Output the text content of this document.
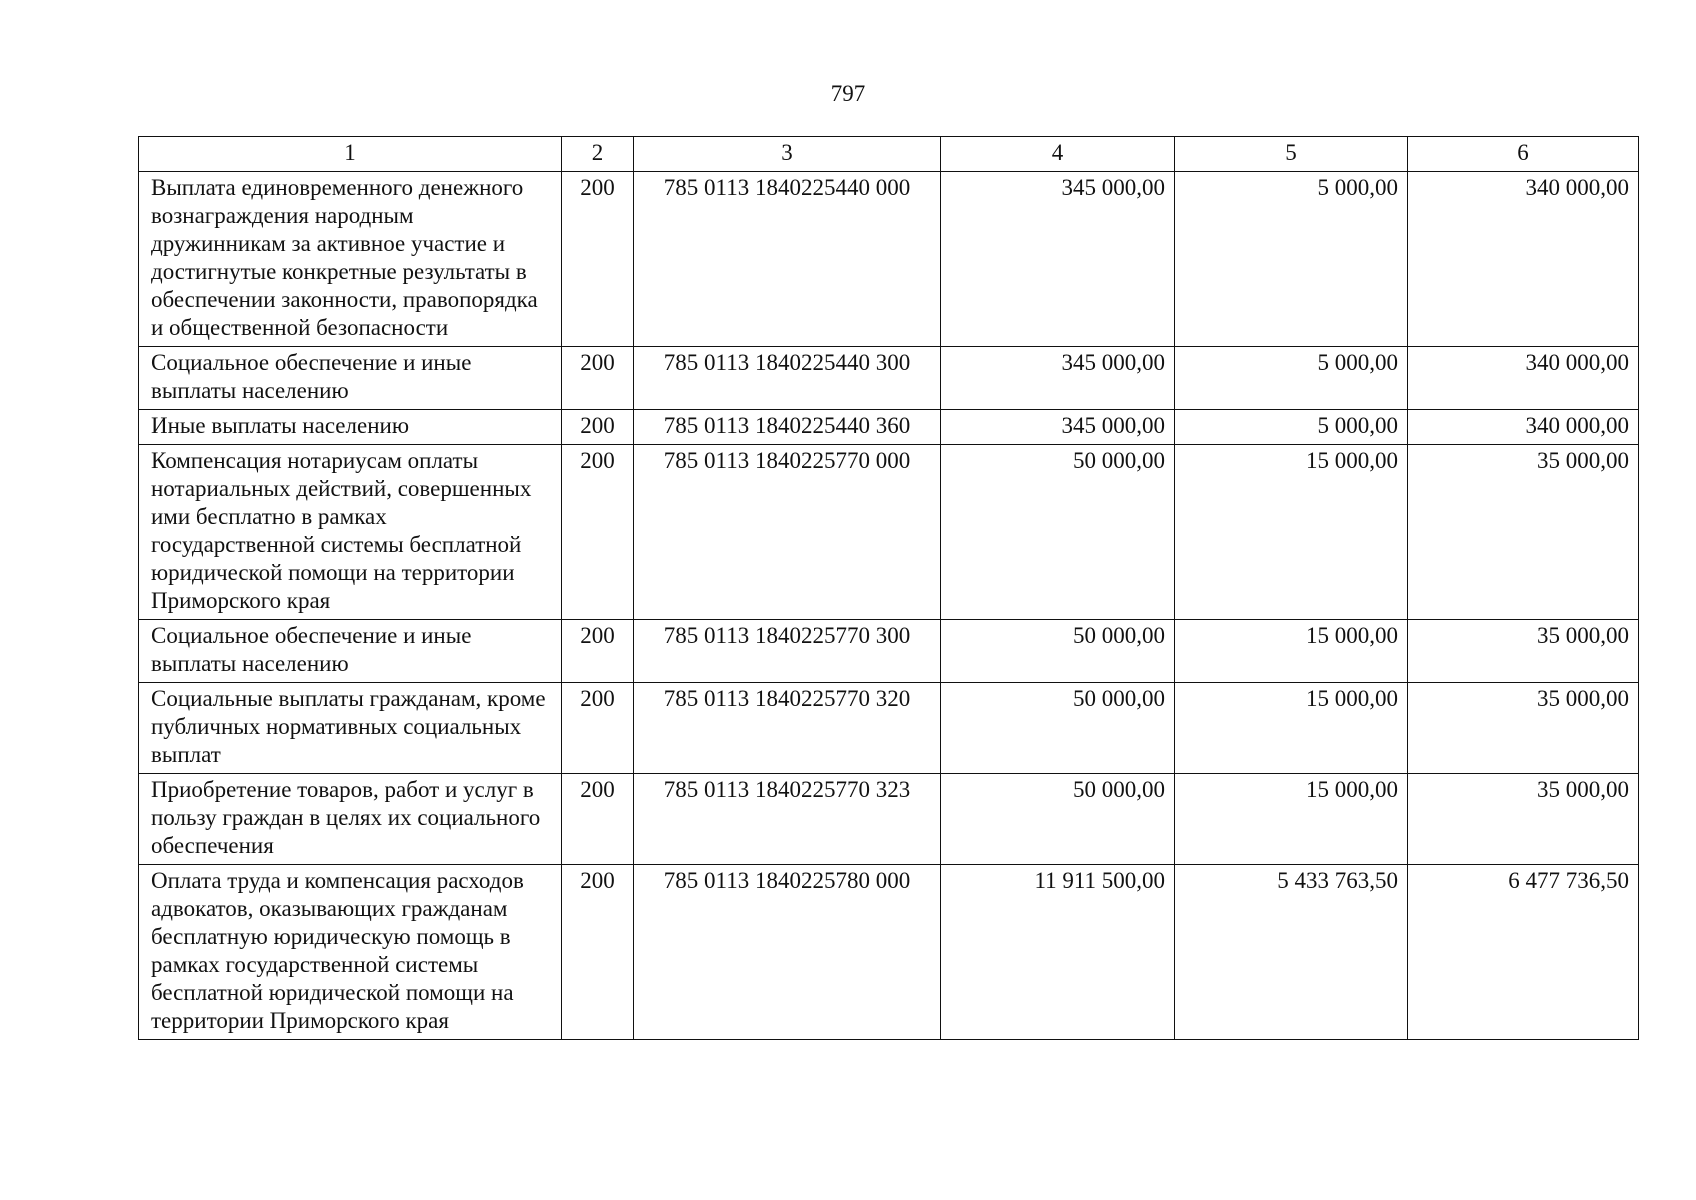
797
1	2	3	4	5	6
Выплата единовременного денежного вознаграждения народным дружинникам за активное участие и достигнутые конкретные результаты в обеспечении законности, правопорядка и общественной безопасности	200	785 0113 1840225440 000	345 000,00	5 000,00	340 000,00
Социальное обеспечение и иные выплаты населению	200	785 0113 1840225440 300	345 000,00	5 000,00	340 000,00
Иные выплаты населению	200	785 0113 1840225440 360	345 000,00	5 000,00	340 000,00
Компенсация нотариусам оплаты нотариальных действий, совершенных ими бесплатно в рамках государственной системы бесплатной юридической помощи на территории Приморского края	200	785 0113 1840225770 000	50 000,00	15 000,00	35 000,00
Социальное обеспечение и иные выплаты населению	200	785 0113 1840225770 300	50 000,00	15 000,00	35 000,00
Социальные выплаты гражданам, кроме публичных нормативных социальных выплат	200	785 0113 1840225770 320	50 000,00	15 000,00	35 000,00
Приобретение товаров, работ и услуг в пользу граждан в целях их социального обеспечения	200	785 0113 1840225770 323	50 000,00	15 000,00	35 000,00
Оплата труда и компенсация расходов адвокатов, оказывающих гражданам бесплатную юридическую помощь в рамках государственной системы бесплатной юридической помощи на территории Приморского края	200	785 0113 1840225780 000	11 911 500,00	5 433 763,50	6 477 736,50
